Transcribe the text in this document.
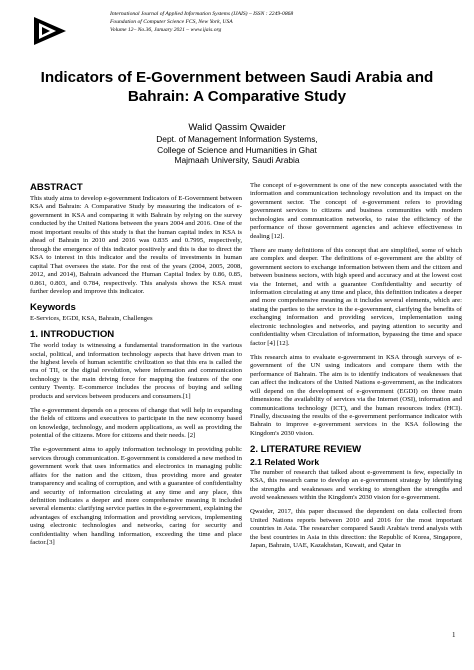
International Journal of Applied Information Systems (IJAIS) – ISSN : 2249-0868
Foundation of Computer Science FCS, New York, USA
Volume 12– No.36, January 2021 – www.ijais.org
Indicators of E-Government between Saudi Arabia and
Bahrain: A Comparative Study
Walid Qassim Qwaider
Dept. of Management Information Systems,
College of Science and Humanities in Ghat
Majmaah University, Saudi Arabia
ABSTRACT

This study aims to develop e-government Indicators of E-Government between KSA and Bahrain: A Comparative Study by measuring the indicators of e-government in KSA and comparing it with Bahrain by relying on the survey conducted by the United Nations between the years 2004 and 2016. One of the most important results of this study is that the human capital index in KSA is ahead of Bahrain in 2010 and 2016 was 0.835 and 0.7995, respectively, through the emergence of this indicator positively and this is due to direct the KSA to interest in this indicator and the results of investments in human capital That oversees the state. For the rest of the years (2004, 2005, 2008, 2012, and 2014), Bahrain advanced the Human Capital Index by 0.86, 0.85, 0.861, 0.803, and 0.784, respectively. This analysis shows the KSA must further develop and improve this indicator.

Keywords

E-Services, EGDI, KSA, Bahrain, Challenges

1. INTRODUCTION

The world today is witnessing a fundamental transformation in the various social, political, and information technology aspects that have driven man to the highest levels of human scientific civilization so that this era is called the era of TII, or the digital revolution, where information and communication technology is the main driving force for mapping the features of the one century Twenty. E-commerce includes the process of buying and selling products and services between producers and consumers.[1]

The e-government depends on a process of change that will help in expanding the fields of citizens and executives to participate in the new economy based on knowledge, technology, and modern applications, as well as providing the potential of the citizens. More for citizens and their needs. [2]

The e-government aims to apply information technology in providing public services through communication. E-government is considered a new method in government work that uses informatics and electronics in managing public affairs for the nation and the citizen, thus providing more and greater transparency and scaling of corruption, and with a guarantee of confidentiality and security of information circulating at any time and any place, this definition indicates a deeper and more comprehensive meaning It included several elements: clarifying service parties in the e-government, explaining the advantages of exchanging information and providing services, implementing using electronic technologies and networks, caring for security and confidentiality when handling information, exceeding the time and place factor.[3]

The concept of e-government is one of the new concepts associated with the information and communication technology revolution and its impact on the government sector. The concept of e-government refers to providing government services to citizens and business communities with modern technologies and communication networks, to raise the efficiency of the performance of those government agencies and achieve effectiveness in dealing [12].

There are many definitions of this concept that are simplified, some of which are complex and deeper. The definitions of e-government are the ability of government sectors to exchange information between them and the citizen and between business sectors, with high speed and accuracy and at the lowest cost via the Internet, and with a guarantee Confidentiality and security of information circulating at any time and place, this definition indicates a deeper and more comprehensive meaning as it includes several elements, which are: stating the parties to the service in the e-government, clarifying the benefits of exchanging information and providing services, implementation using electronic technologies and networks, and paying attention to security and confidentiality when Circulation of information, bypassing the time and space factor [4] [12].

This research aims to evaluate e-government in KSA through surveys of e-government of the UN using indicators and compare them with the performance of Bahrain. The aim is to identify indicators of weaknesses that can affect the indicators of the United Nations e-government, as the indicators will depend on the development of e-government (EGDI) on three main dimensions: the availability of services via the Internet (OSI), information and communications technology (ICT), and the human resources index (HCI). Finally, discussing the results of the e-government performance indicator with Bahrain to improve e-government services in the KSA following the Kingdom's 2030 vision.

2. LITERATURE REVIEW
2.1 Related Work

The number of research that talked about e-government is few, especially in KSA, this research came to develop an e-government strategy by identifying the strengths and weaknesses and working to strengthen the strengths and avoid weaknesses within the Kingdom's 2030 vision for e-government.

Qwaider, 2017, this paper discussed the dependent on data collected from United Nations reports between 2010 and 2016 for the most important countries in Asia. The researcher compared Saudi Arabia's trend analysis with the best countries in Asia in this direction: the Republic of Korea, Singapore, Japan, Bahrain, UAE, Kazakhstan, Kuwait, and Qatar in

1
